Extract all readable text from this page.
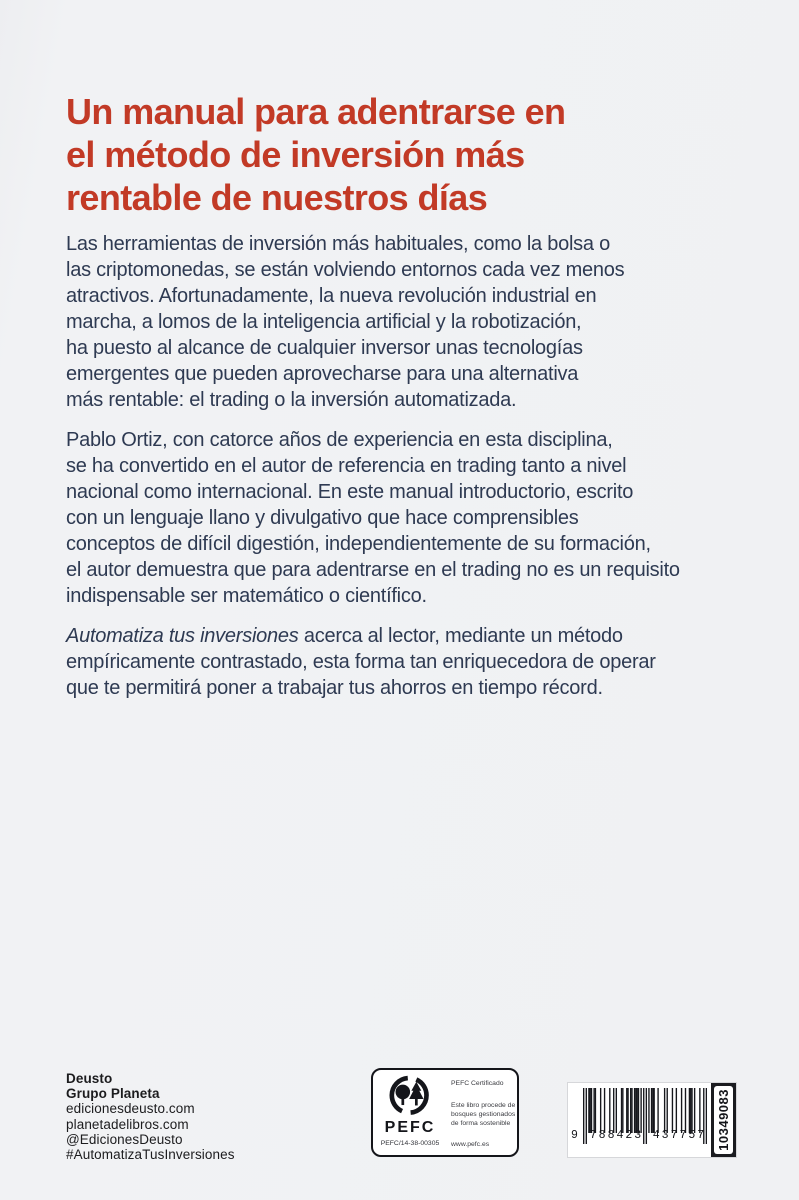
Un manual para adentrarse en
el método de inversión más
rentable de nuestros días
Las herramientas de inversión más habituales, como la bolsa o
las criptomonedas, se están volviendo entornos cada vez menos
atractivos. Afortunadamente, la nueva revolución industrial en
marcha, a lomos de la inteligencia artificial y la robotización,
ha puesto al alcance de cualquier inversor unas tecnologías
emergentes que pueden aprovecharse para una alternativa
más rentable: el trading o la inversión automatizada.
Pablo Ortiz, con catorce años de experiencia en esta disciplina,
se ha convertido en el autor de referencia en trading tanto a nivel
nacional como internacional. En este manual introductorio, escrito
con un lenguaje llano y divulgativo que hace comprensibles
conceptos de difícil digestión, independientemente de su formación,
el autor demuestra que para adentrarse en el trading no es un requisito
indispensable ser matemático o científico.
Automatiza tus inversiones acerca al lector, mediante un método
empíricamente contrastado, esta forma tan enriquecedora de operar
que te permitirá poner a trabajar tus ahorros en tiempo récord.
Deusto
Grupo Planeta
edicionesdeusto.com
planetadelibros.com
@EdicionesDeusto
#AutomatizaTusInversiones
PEFC
PEFC/14-38-00305
PEFC Certificado
Este libro procede de
bosques gestionados
de forma sostenible
www.pefc.es
9 788423 437757 10349083
